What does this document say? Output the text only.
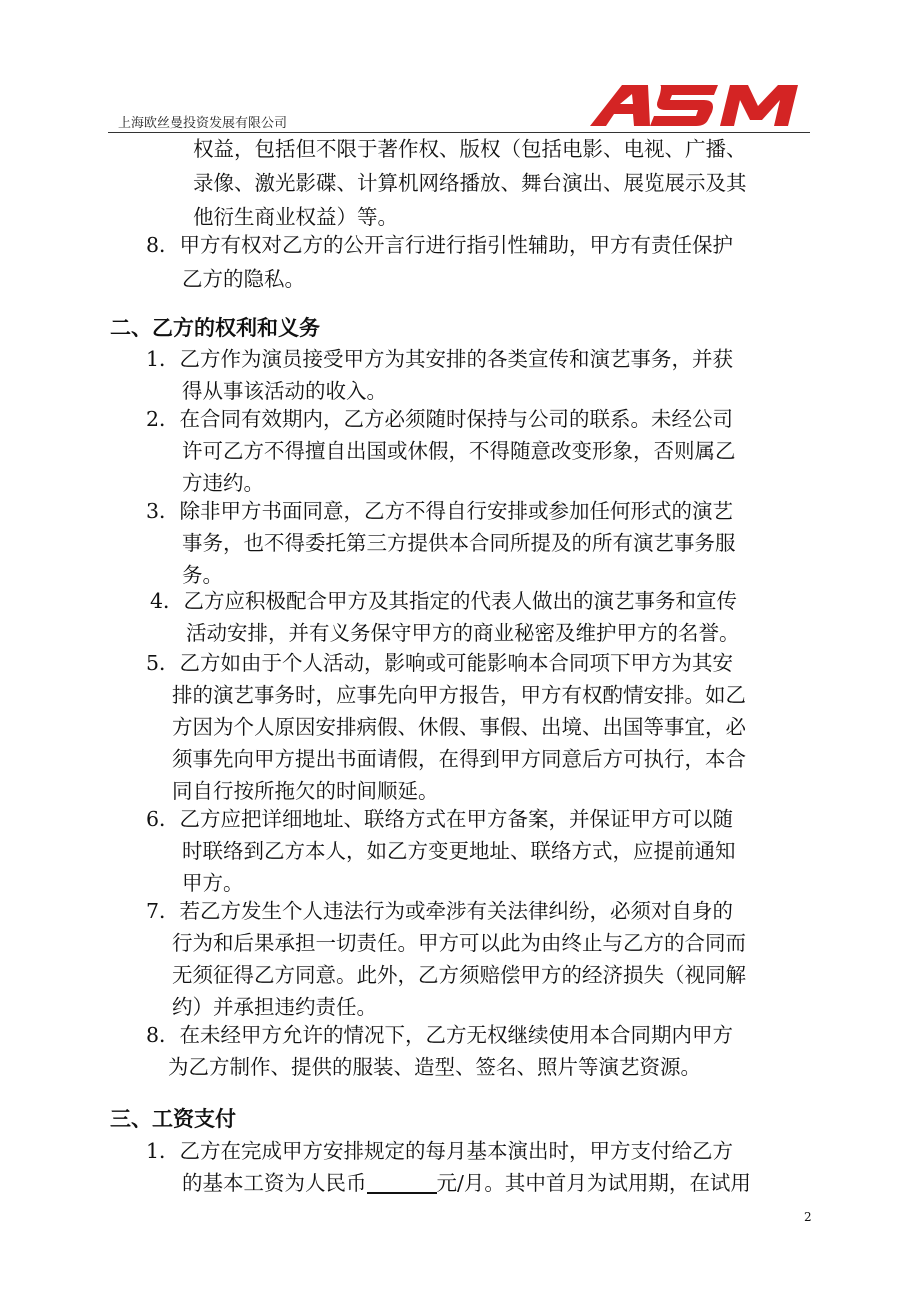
上海欧丝曼投资发展有限公司
权益，包括但不限于著作权、版权（包括电影、电视、广播、
录像、激光影碟、计算机网络播放、舞台演出、展览展示及其
他衍生商业权益）等。
8．甲方有权对乙方的公开言行进行指引性辅助，甲方有责任保护
乙方的隐私。
二、乙方的权利和义务
1．乙方作为演员接受甲方为其安排的各类宣传和演艺事务，并获
得从事该活动的收入。
2．在合同有效期内，乙方必须随时保持与公司的联系。未经公司
许可乙方不得擅自出国或休假，不得随意改变形象，否则属乙
方违约。
3．除非甲方书面同意，乙方不得自行安排或参加任何形式的演艺
事务，也不得委托第三方提供本合同所提及的所有演艺事务服
务。
4．乙方应积极配合甲方及其指定的代表人做出的演艺事务和宣传
活动安排，并有义务保守甲方的商业秘密及维护甲方的名誉。
5．乙方如由于个人活动，影响或可能影响本合同项下甲方为其安
排的演艺事务时，应事先向甲方报告，甲方有权酌情安排。如乙
方因为个人原因安排病假、休假、事假、出境、出国等事宜，必
须事先向甲方提出书面请假，在得到甲方同意后方可执行，本合
同自行按所拖欠的时间顺延。
6．乙方应把详细地址、联络方式在甲方备案，并保证甲方可以随
时联络到乙方本人，如乙方变更地址、联络方式，应提前通知
甲方。
7．若乙方发生个人违法行为或牵涉有关法律纠纷，必须对自身的
行为和后果承担一切责任。甲方可以此为由终止与乙方的合同而
无须征得乙方同意。此外，乙方须赔偿甲方的经济损失（视同解
约）并承担违约责任。
8．在未经甲方允许的情况下，乙方无权继续使用本合同期内甲方
为乙方制作、提供的服装、造型、签名、照片等演艺资源。
三、工资支付
1．乙方在完成甲方安排规定的每月基本演出时，甲方支付给乙方
的基本工资为人民币	元/月。其中首月为试用期，在试用
2
